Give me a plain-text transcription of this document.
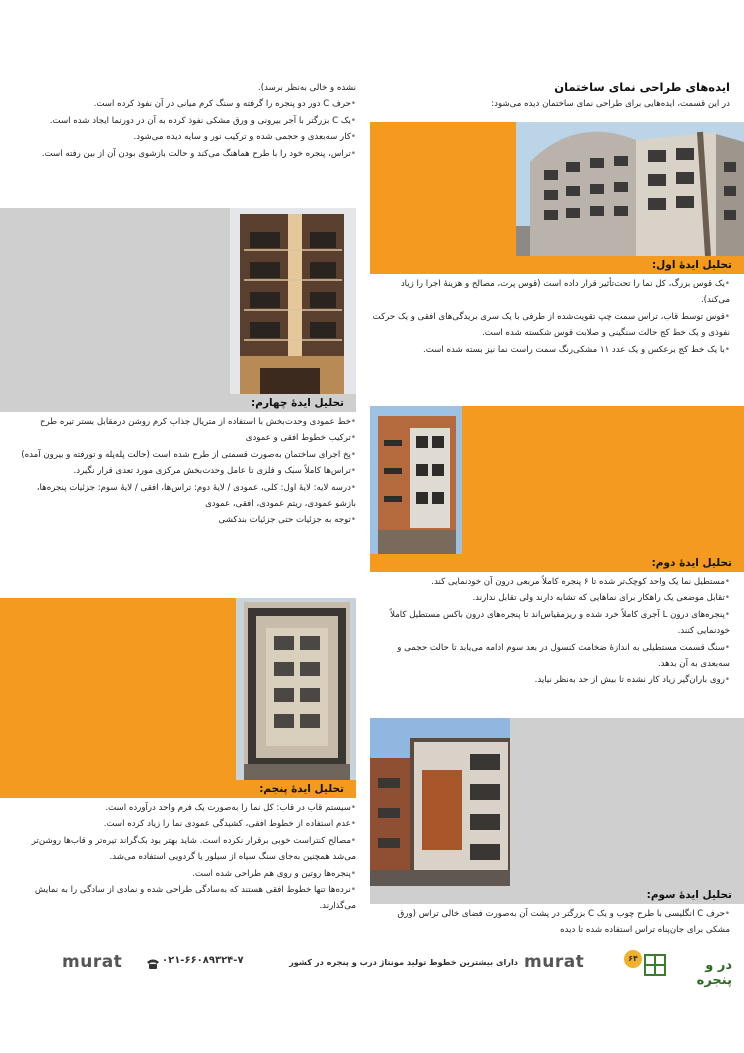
نشده و خالی به‌نظر برسد).

• حرف C دور دو پنجره را گرفته و سنگ کرم میانی در آن نفوذ کرده است.

• یک C بزرگتر با آجر بیرونی و ورق مشکی نفوذ کرده به آن در دورنما ایجاد شده است.

• کار سه‌بعدی و حجمی شده و ترکیب نور و سایه دیده می‌شود.

• تراس، پنجره خود را با طرح هماهنگ می‌کند و حالت بازشوی بودن آن از بین رفته است.

ایده‌های طراحی نمای ساختمان
در این قسمت، ایده‌هایی برای طراحی نمای ساختمان دیده می‌شود:
تحلیل ایدهٔ اول:

• یک قوس بزرگ، کل نما را تحت‌تأثیر قرار داده است (قوس پرت، مصالح و هزینهٔ اجرا را زیاد می‌کند).

• قوس توسط قاب، تراس سمت چپ تقویت‌شده از طرفی با یک سری بریدگی‌های افقی و یک حرکت نفوذی و یک خط کج حالت سنگینی و صلابت قوس شکسته شده است.

• با یک خط کج برعکس و یک عدد ۱۱ مشکی‌رنگ سمت راست نما نیز بسته شده است.

تحلیل ایدهٔ چهارم:

• خط عمودی وحدت‌بخش با استفاده از متریال جذاب کرم روشن درمقابل بستر تیره طرح

• ترکیب خطوط افقی و عمودی

• پخ اجرای ساختمان به‌صورت قسمتی از طرح شده است (حالت پله‌پله و تورفته و بیرون آمده)

• تراس‌ها کاملاً سبک و فلزی تا عامل وحدت‌بخش مرکزی مورد تعدی قرار نگیرد.

• درسه لایه: لایهٔ اول: کلی، عمودی / لایهٔ دوم: تراس‌ها، افقی / لایهٔ سوم: جزئیات پنجره‌ها، بازشو عمودی، ریتم عمودی، افقی، عمودی

• توجه به جزئیات حتی جزئیات بندکشی

تحلیل ایدهٔ دوم:

• مستطیل نما یک واحد کوچک‌تر شده تا ۶ پنجره کاملاً مربعی درون آن خودنمایی کند.

• تقابل موضعی یک راهکار برای نماهایی که تشابه دارند ولی تقابل ندارند.

• پنجره‌های درون L آجری کاملاً خرد شده و ریزمقیاس‌اند تا پنجره‌های درون باکس مستطیل کاملاً خودنمایی کنند.

• سنگ قسمت مستطیلی به اندازهٔ ضخامت کنسول در بعد سوم ادامه می‌یابد تا حالت حجمی و سه‌بعدی به آن بدهد.

• روی باران‌گیر زیاد کار نشده تا بیش از حد به‌نظر نیاید.

تحلیل ایدهٔ پنجم:

• سیستم قاب در قاب: کل نما را به‌صورت یک فرم واحد درآورده است.

• عدم استفاده از خطوط افقی، کشیدگی عمودی نما را زیاد کرده است.

• مصالح کنتراست خوبی برقرار نکرده است. شاید بهتر بود بک‌گراند تیره‌تر و قاب‌ها روشن‌تر می‌شد همچنین به‌جای سنگ سیاه از سیلور یا گردویی استفاده می‌شد.

• پنجره‌ها روتین و روی هم طراحی شده است.

• نرده‌ها تنها خطوط افقی هستند که به‌سادگی طراحی شده و نمادی از سادگی را به نمایش می‌گذارند.

تحلیل ایدهٔ سوم:

• حرف C انگلیسی با طرح چوب و یک C بزرگتر در پشت آن به‌صورت فضای خالی تراس (ورق مشکی برای جان‌پناه تراس استفاده شده تا دیده

در و پنجره
۶۴
murat
دارای بیشترین خطوط تولید مونتاژ درب و پنجره در کشور
۰۲۱-۶۶۰۸۹۳۲۴-۷
murat
